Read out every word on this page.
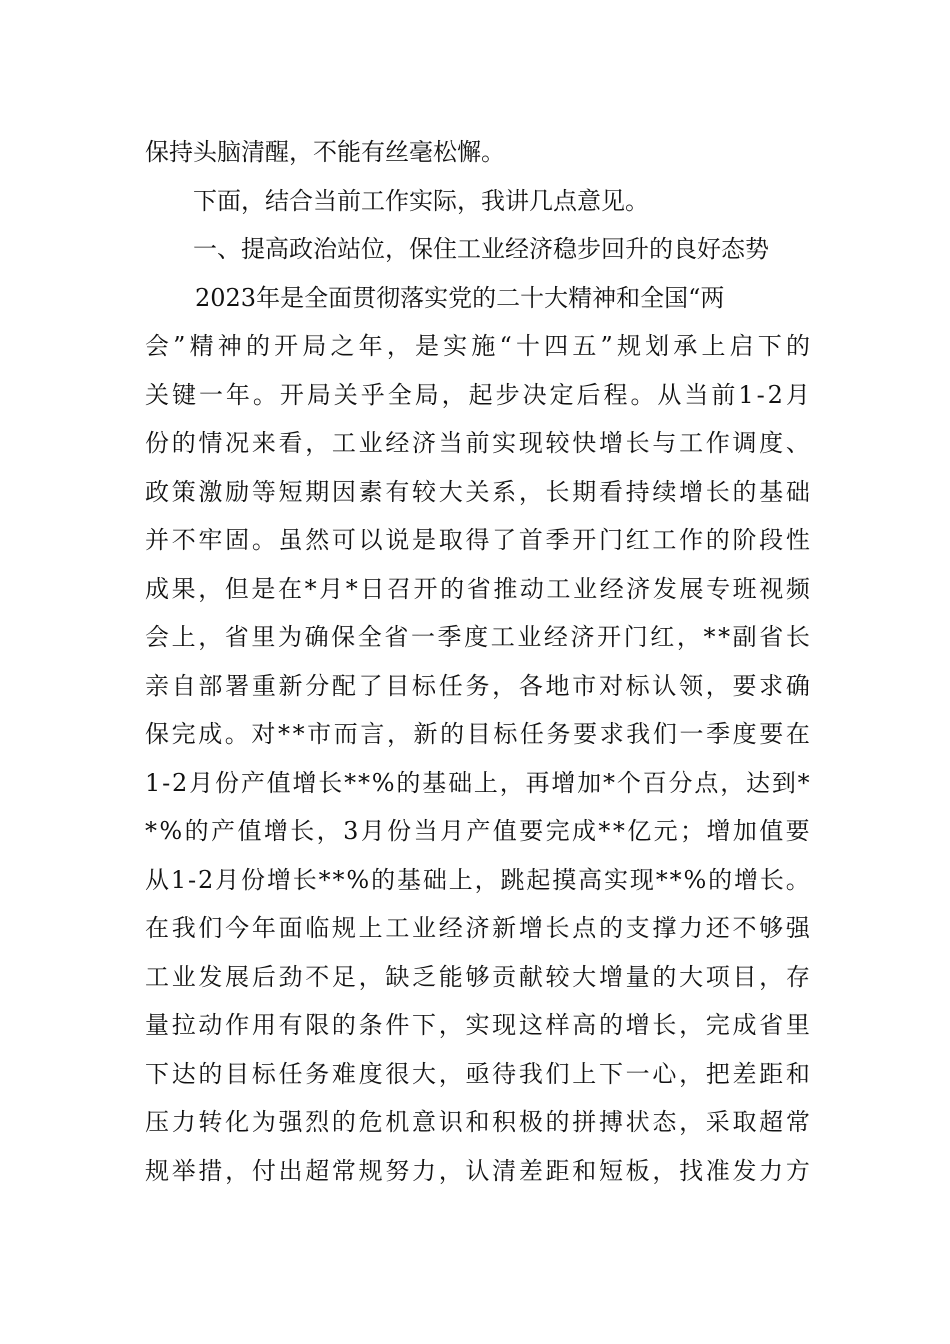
保持头脑清醒，不能有丝毫松懈。
下面，结合当前工作实际，我讲几点意见。
一、提高政治站位，保住工业经济稳步回升的良好态势
2023年是全面贯彻落实党的二十大精神和全国“两
会 ” 精 神 的 开 局 之 年 ， 是 实 施 “ 十 四 五 ” 规 划 承 上 启 下 的
关 键 一 年 。 开 局 关 乎 全 局 ， 起 步 决 定 后 程 。 从 当 前 1 - 2 月
份 的 情 况 来 看 ， 工 业 经 济 当 前 实 现 较 快 增 长 与 工 作 调 度 、
政 策 激 励 等 短 期 因 素 有 较 大 关 系 ， 长 期 看 持 续 增 长 的 基 础
并 不 牢 固 。 虽 然 可 以 说 是 取 得 了 首 季 开 门 红 工 作 的 阶 段 性
成 果 ， 但 是 在 * 月 * 日 召 开 的 省 推 动 工 业 经 济 发 展 专 班 视 频
会 上 ， 省 里 为 确 保 全 省 一 季 度 工 业 经 济 开 门 红 ， * * 副 省 长
亲 自 部 署 重 新 分 配 了 目 标 任 务 ， 各 地 市 对 标 认 领 ， 要 求 确
保 完 成 。 对 * * 市 而 言 ， 新 的 目 标 任 务 要 求 我 们 一 季 度 要 在
1 - 2 月 份 产 值 增 长 * * % 的 基 础 上 ， 再 增 加 * 个 百 分 点 ， 达 到 *
* % 的 产 值 增 长 ， 3 月 份 当 月 产 值 要 完 成 * * 亿 元 ； 增 加 值 要
从 1 - 2 月 份 增 长 * * % 的 基 础 上 ， 跳 起 摸 高 实 现 * * % 的 增 长 。
在 我 们 今 年 面 临 规 上 工 业 经 济 新 增 长 点 的 支 撑 力 还 不 够 强
工 业 发 展 后 劲 不 足 ， 缺 乏 能 够 贡 献 较 大 增 量 的 大 项 目 ， 存
量 拉 动 作 用 有 限 的 条 件 下 ， 实 现 这 样 高 的 增 长 ， 完 成 省 里
下 达 的 目 标 任 务 难 度 很 大 ， 亟 待 我 们 上 下 一 心 ， 把 差 距 和
压 力 转 化 为 强 烈 的 危 机 意 识 和 积 极 的 拼 搏 状 态 ， 采 取 超 常
规 举 措 ， 付 出 超 常 规 努 力 ， 认 清 差 距 和 短 板 ， 找 准 发 力 方
